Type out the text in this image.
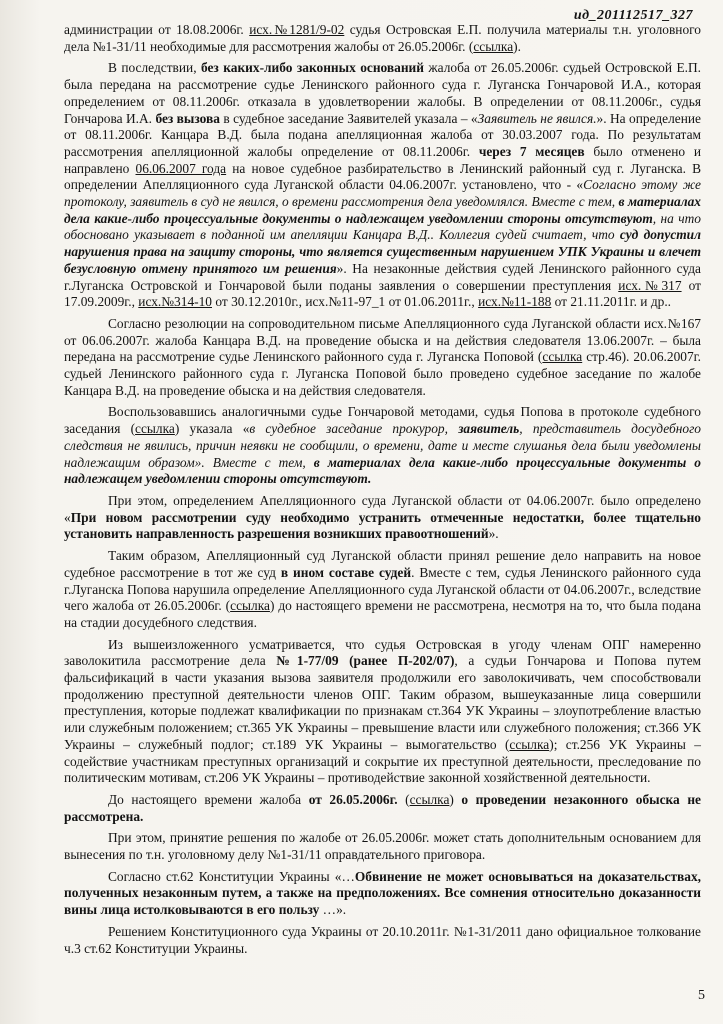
ид_201112517_327

администрации от 18.08.2006г. исх.№1281/9-02 судья Островская Е.П. получила материалы т.н. уголовного дела №1-31/11 необходимые для рассмотрения жалобы от 26.05.2006г. (ссылка).

В последствии, без каких-либо законных оснований жалоба от 26.05.2006г. судьей Островской Е.П. была передана на рассмотрение судье Ленинского районного суда г. Луганска Гончаровой И.А., которая определением от 08.11.2006г. отказала в удовлетворении жалобы. В определении от 08.11.2006г., судья Гончарова И.А. без вызова в судебное заседание Заявителей указала – «Заявитель не явился.». На определение от 08.11.2006г. Канцара В.Д. была подана апелляционная жалоба от 30.03.2007 года. По результатам рассмотрения апелляционной жалобы определение от 08.11.2006г. через 7 месяцев было отменено и направлено 06.06.2007 года на новое судебное разбирательство в Ленинский районный суд г. Луганска. В определении Апелляционного суда Луганской области 04.06.2007г. установлено, что - «Согласно этому же протоколу, заявитель в суд не явился, о времени рассмотрения дела уведомлялся. Вместе с тем, в материалах дела какие-либо процессуальные документы о надлежащем уведомлении стороны отсутствуют, на что обосновано указывает в поданной им апелляции Канцара В.Д.. Коллегия судей считает, что суд допустил нарушения права на защиту стороны, что является существенным нарушением УПК Украины и влечет безусловную отмену принятого им решения». На незаконные действия судей Ленинского районного суда г.Луганска Островской и Гончаровой были поданы заявления о совершении преступления исх.№317 от 17.09.2009г., исх.№314-10 от 30.12.2010г., исх.№11-97_1 от 01.06.2011г., исх.№11-188 от 21.11.2011г. и др..

Согласно резолюции на сопроводительном письме Апелляционного суда Луганской области исх.№167 от 06.06.2007г. жалоба Канцара В.Д. на проведение обыска и на действия следователя 13.06.2007г. – была передана на рассмотрение судье Ленинского районного суда г. Луганска Поповой (ссылка стр.46). 20.06.2007г. судьей Ленинского районного суда г. Луганска Поповой было проведено судебное заседание по жалобе Канцара В.Д. на проведение обыска и на действия следователя.

Воспользовавшись аналогичными судье Гончаровой методами, судья Попова в протоколе судебного заседания (ссылка) указала «в судебное заседание прокурор, заявитель, представитель досудебного следствия не явились, причин неявки не сообщили, о времени, дате и месте слушанья дела были уведомлены надлежащим образом». Вместе с тем, в материалах дела какие-либо процессуальные документы о надлежащем уведомлении стороны отсутствуют.

При этом, определением Апелляционного суда Луганской области от 04.06.2007г. было определено «При новом рассмотрении суду необходимо устранить отмеченные недостатки, более тщательно установить направленность разрешения возникших правоотношений».

Таким образом, Апелляционный суд Луганской области принял решение дело направить на новое судебное рассмотрение в тот же суд в ином составе судей. Вместе с тем, судья Ленинского районного суда г.Луганска Попова нарушила определение Апелляционного суда Луганской области от 04.06.2007г., вследствие чего жалоба от 26.05.2006г. (ссылка) до настоящего времени не рассмотрена, несмотря на то, что была подана на стадии досудебного следствия.

Из вышеизложенного усматривается, что судья Островская в угоду членам ОПГ намеренно заволокитила рассмотрение дела №1-77/09 (ранее П-202/07), а судьи Гончарова и Попова путем фальсификаций в части указания вызова заявителя продолжили его заволокичивать, чем способствовали продолжению преступной деятельности членов ОПГ. Таким образом, вышеуказанные лица совершили преступления, которые подлежат квалификации по признакам ст.364 УК Украины – злоупотребление властью или служебным положением; ст.365 УК Украины – превышение власти или служебного положения; ст.366 УК Украины – служебный подлог; ст.189 УК Украины – вымогательство (ссылка); ст.256 УК Украины – содействие участникам преступных организаций и сокрытие их преступной деятельности, преследование по политическим мотивам, ст.206 УК Украины – противодействие законной хозяйственной деятельности.

До настоящего времени жалоба от 26.05.2006г. (ссылка) о проведении незаконного обыска не рассмотрена.

При этом, принятие решения по жалобе от 26.05.2006г. может стать дополнительным основанием для вынесения по т.н. уголовному делу №1-31/11 оправдательного приговора.

Согласно ст.62 Конституции Украины «…Обвинение не может основываться на доказательствах, полученных незаконным путем, а также на предположениях. Все сомнения относительно доказанности вины лица истолковываются в его пользу …».

Решением Конституционного суда Украины от 20.10.2011г. №1-31/2011 дано официальное толкование ч.3 ст.62 Конституции Украины.

5
